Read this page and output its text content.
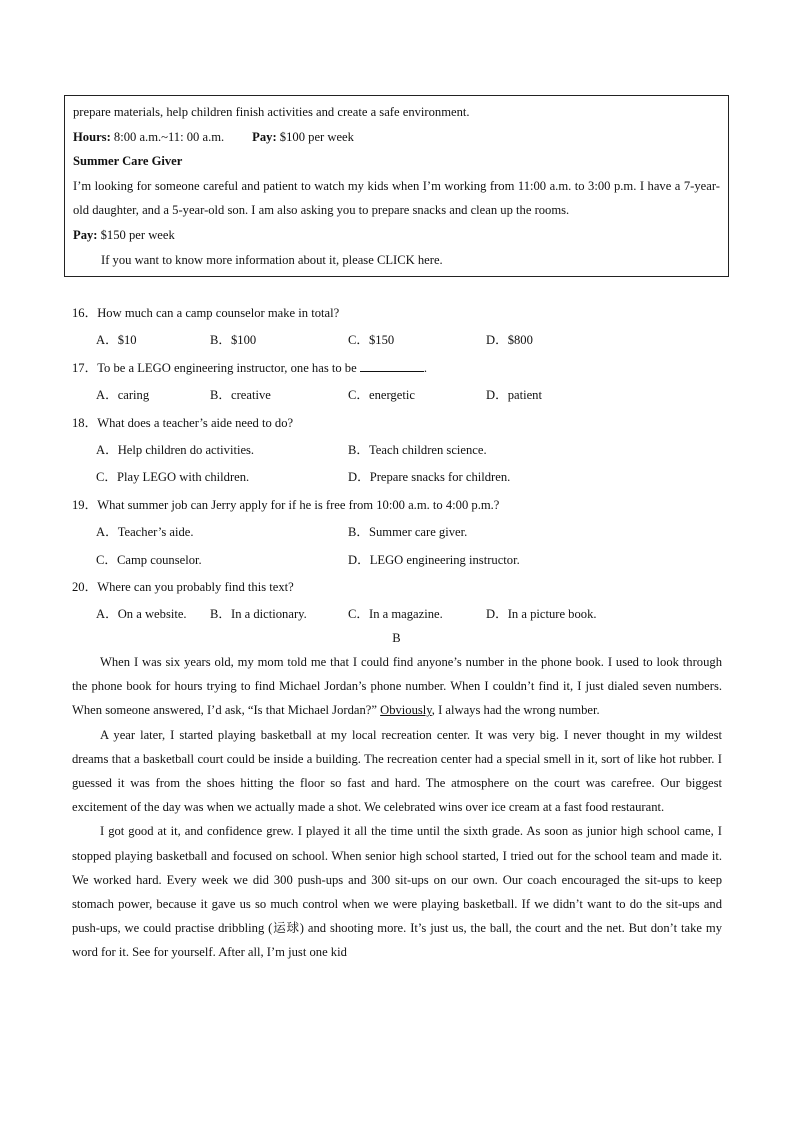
prepare materials, help children finish activities and create a safe environment.
Hours: 8:00 a.m.~11: 00 a.m. Pay: $100 per week
Summer Care Giver
I’m looking for someone careful and patient to watch my kids when I’m working from 11:00 a.m. to 3:00 p.m. I have a 7-year-old daughter, and a 5-year-old son. I am also asking you to prepare snacks and clean up the rooms.
Pay: $150 per week
If you want to know more information about it, please CLICK here.
16．How much can a camp counselor make in total?
A．$10	B．$100	C．$150	D．$800
17．To be a LEGO engineering instructor, one has to be	.
A．caring	B．creative	C．energetic	D．patient
18．What does a teacher’s aide need to do?
A．Help children do activities.	B．Teach children science.
C．Play LEGO with children.	D．Prepare snacks for children.
19．What summer job can Jerry apply for if he is free from 10:00 a.m. to 4:00 p.m.?
A．Teacher’s aide.	B．Summer care giver.
C．Camp counselor.	D．LEGO engineering instructor.
20．Where can you probably find this text?
A．On a website. B．In a dictionary.	C．In a magazine.	D．In a picture book.
B

When I was six years old, my mom told me that I could find anyone’s number in the phone book. I used to look through the phone book for hours trying to find Michael Jordan’s phone number. When I couldn’t find it, I just dialed seven numbers. When someone answered, I’d ask, “Is that Michael Jordan?” Obviously, I always had the wrong number.

A year later, I started playing basketball at my local recreation center. It was very big. I never thought in my wildest dreams that a basketball court could be inside a building. The recreation center had a special smell in it, sort of like hot rubber. I guessed it was from the shoes hitting the floor so fast and hard. The atmosphere on the court was carefree. Our biggest excitement of the day was when we actually made a shot. We celebrated wins over ice cream at a fast food restaurant.

I got good at it, and confidence grew. I played it all the time until the sixth grade. As soon as junior high school came, I stopped playing basketball and focused on school. When senior high school started, I tried out for the school team and made it. We worked hard. Every week we did 300 push-ups and 300 sit-ups on our own. Our coach encouraged the sit-ups to keep stomach power, because it gave us so much control when we were playing basketball. If we didn’t want to do the sit-ups and push-ups, we could practise dribbling (运球) and shooting more. It’s just us, the ball, the court and the net. But don’t take my word for it. See for yourself. After all, I’m just one kid
